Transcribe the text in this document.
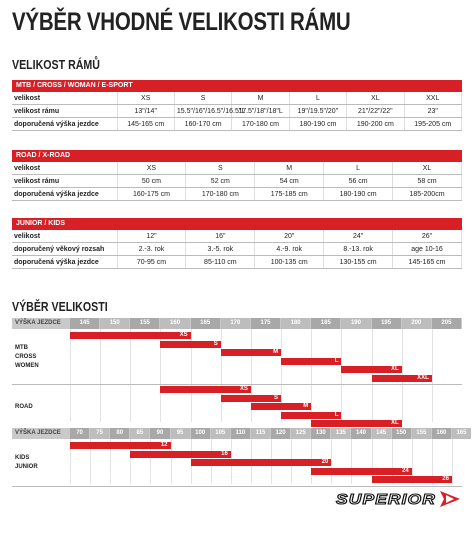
VÝBĚR VHODNÉ VELIKOSTI RÁMU
VELIKOST RÁMŮ
MTB / CROSS / WOMAN / E-SPORT
velikost	XS	S	M	L	XL	XXL
velikost rámu	13"/14"	15.5"/16"/16.5"/16.5"L	17.5"/18"/18"L	19"/19.5"/20"	21"/22"/22"	23"
doporučená výška jezdce	145-165 cm	160-170 cm	170-180 cm	180-190 cm	190-200 cm	195-205 cm
ROAD / X-ROAD
velikost	XS	S	M	L	XL
velikost rámu	50 cm	52 cm	54 cm	56 cm	58 cm
doporučená výška jezdce	160-175 cm	170-180 cm	175-185 cm	180-190 cm	185-200cm
JUNIOR / KIDS
velikost	12"	16"	20"	24"	26"
doporučený věkový rozsah	2.-3. rok	3.-5. rok	4.-9. rok	8.-13. rok	age 10-16
doporučená výška jezdce	70-95 cm	85-110 cm	100-135 cm	130-155 cm	145-165 cm
VÝBĚR VELIKOSTI
VÝŠKA JEZDCE	145	150	155	160	165	170	175	180	185	190	195	200	205
XS
S
M
L
XL
XXL
MTB
CROSS
WOMEN
XS
S
M
L
XL
ROAD
VÝŠKA JEZDCE	70	75	80	85	90	95	100	105	110	115	120	125	130	135	140	145	150	155	160	165
12
16
20
24
26
KIDS
JUNIOR
SUPERIOR
